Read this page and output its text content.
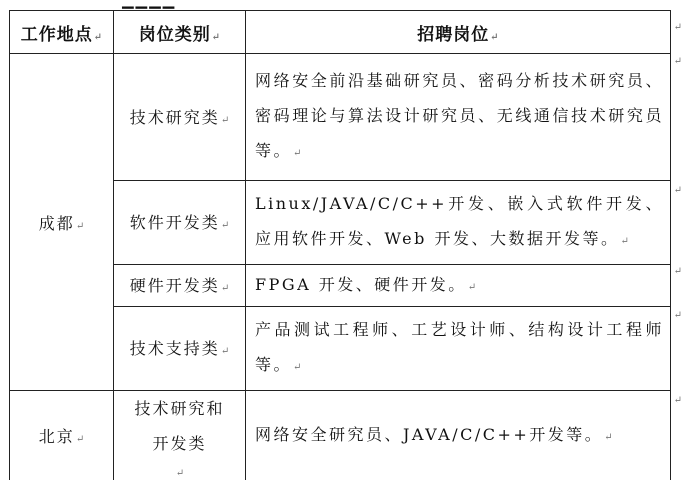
▁▁▁▁
工作地点↵	岗位类别↵	招聘岗位↵
成都↵	技术研究类↵	网络安全前沿基础研究员、密码分析技术研究员、密码理论与算法设计研究员、无线通信技术研究员等。↵
	软件开发类↵	Linux/JAVA/C/C++开发、嵌入式软件开发、应用软件开发、Web 开发、大数据开发等。↵
	硬件开发类↵	FPGA 开发、硬件开发。↵
	技术支持类↵	产品测试工程师、工艺设计师、结构设计工程师等。↵
北京↵	技术研究和开发类↵	网络安全研究员、JAVA/C/C++开发等。↵
↵
↵
↵
↵
↵
↵
